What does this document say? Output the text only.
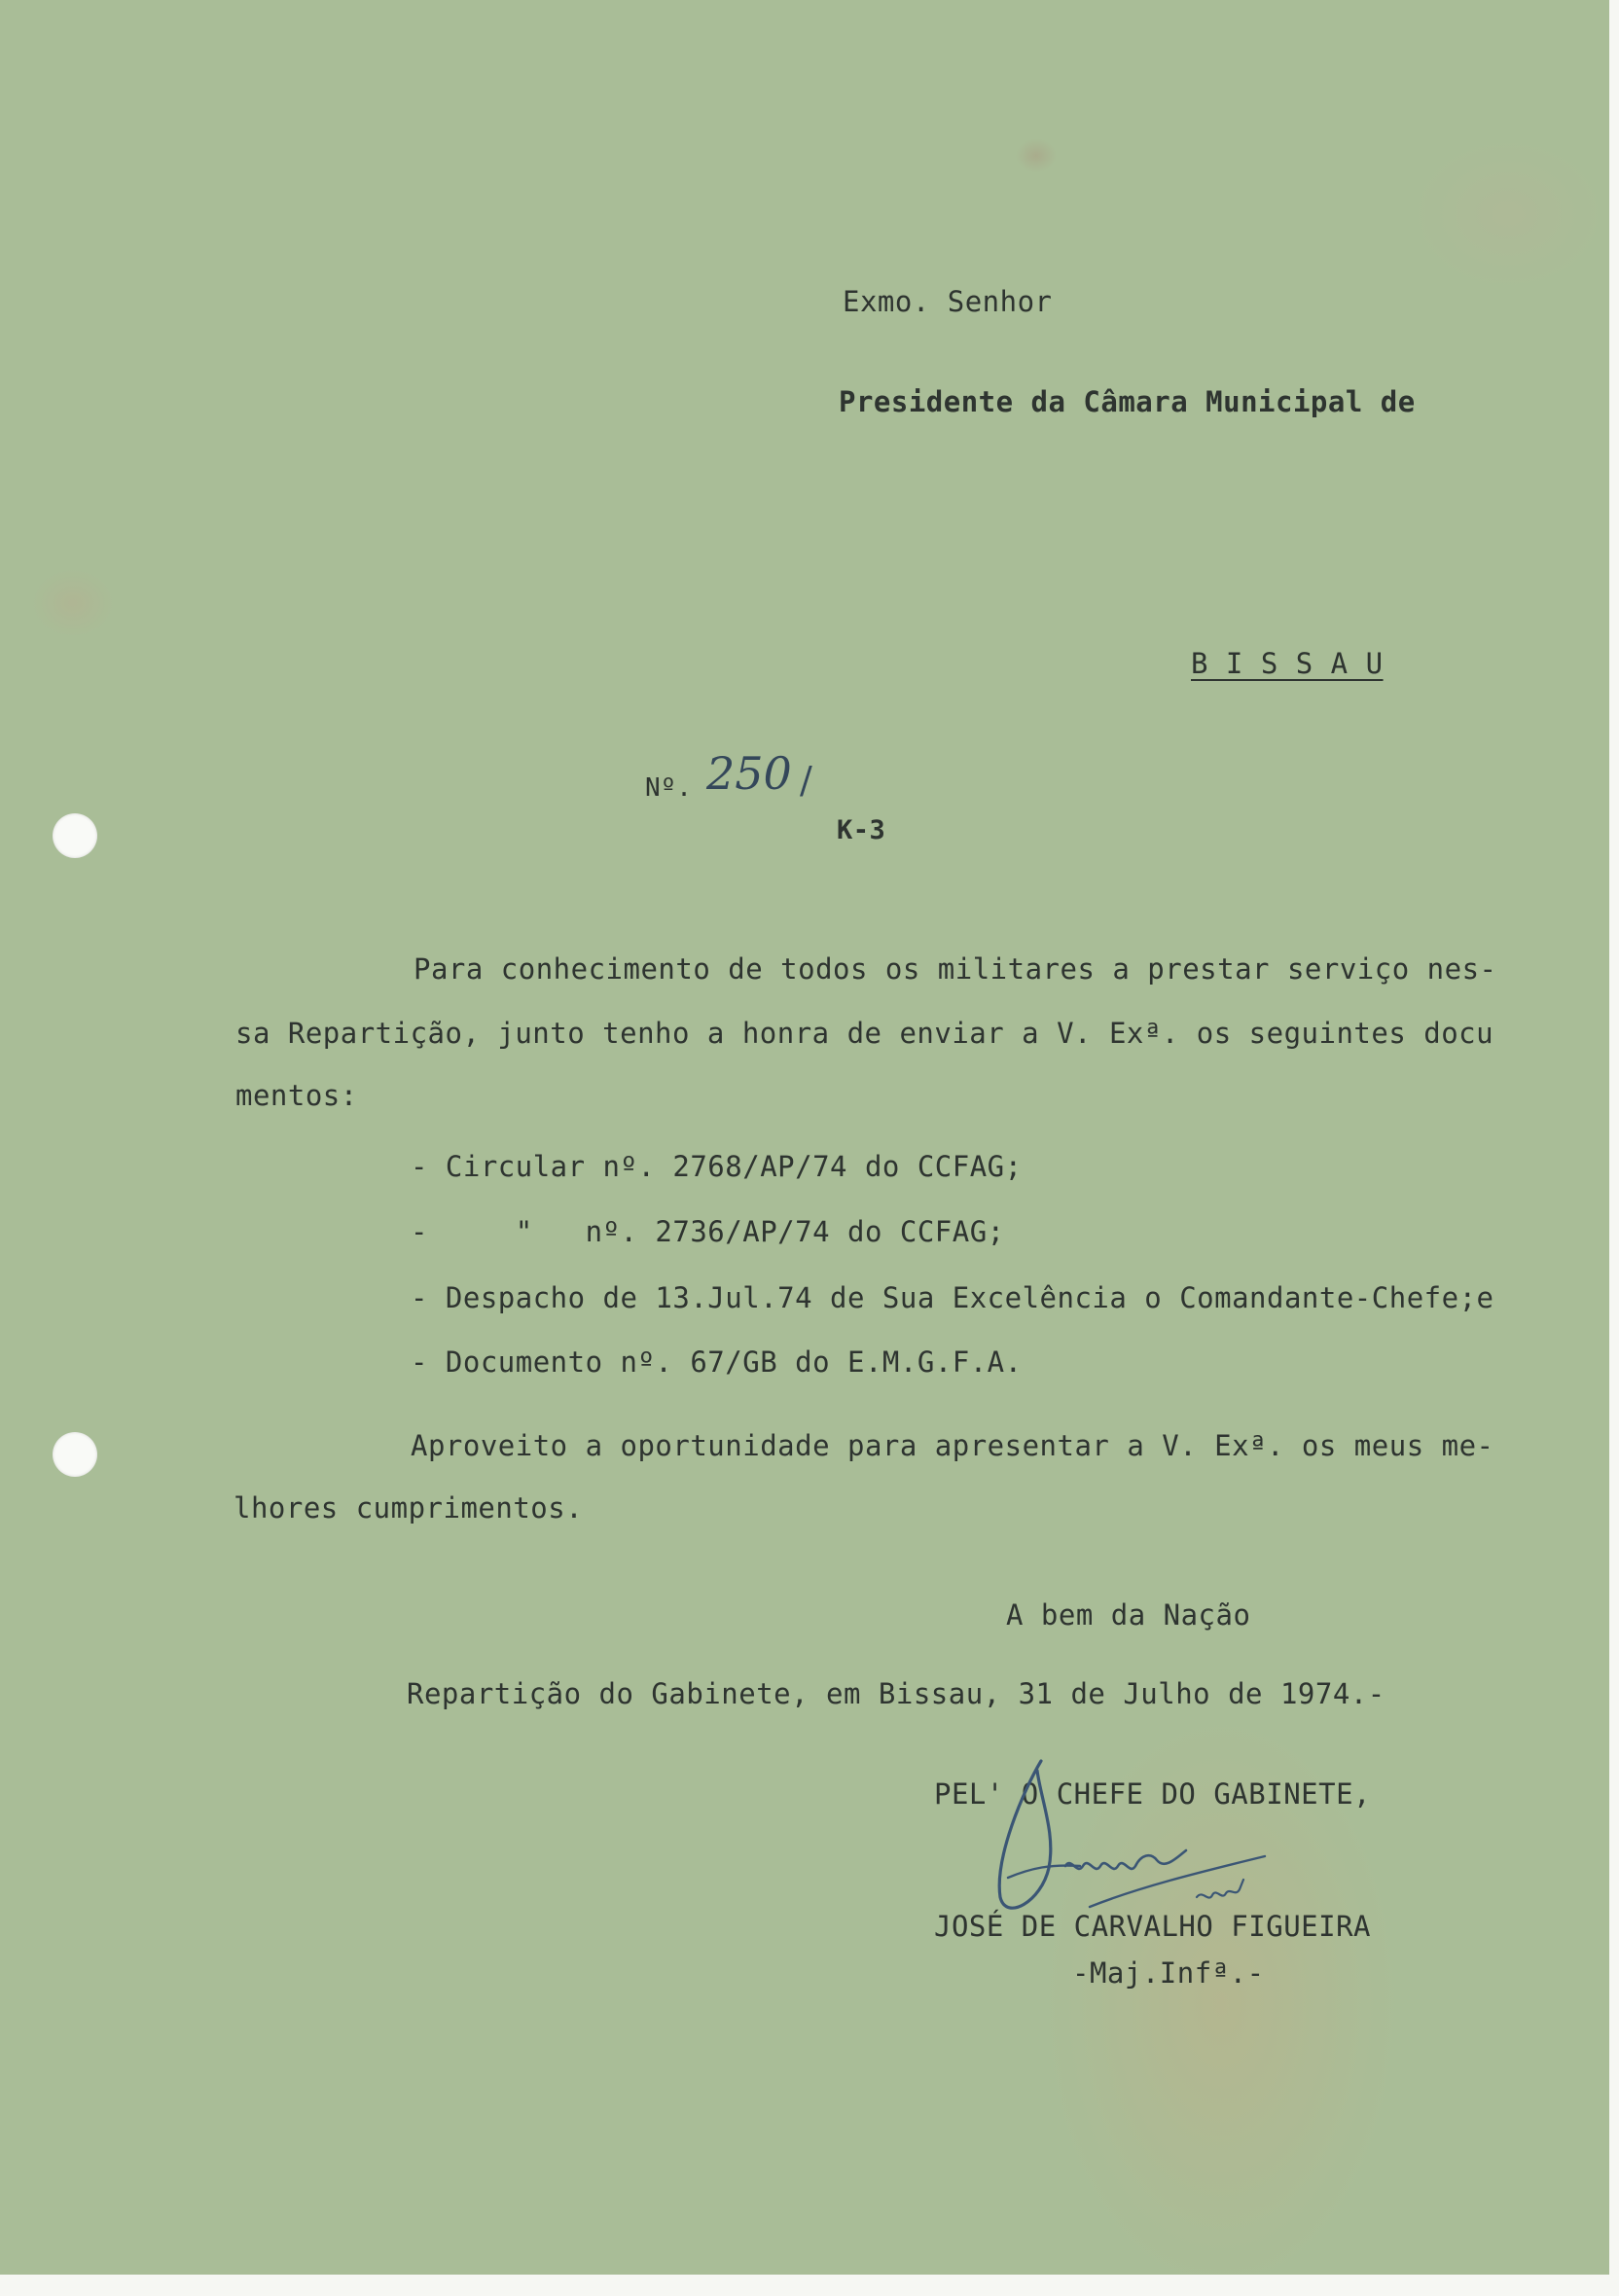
Exmo. Senhor
Presidente da Câmara Municipal de
B I S S A U
Nº. 250 /
K-3
Para conhecimento de todos os militares a prestar serviço nes-
sa Repartição, junto tenho a honra de enviar a V. Exª. os seguintes docu
mentos:
- Circular nº. 2768/AP/74 do CCFAG;
-     "   nº. 2736/AP/74 do CCFAG;
- Despacho de 13.Jul.74 de Sua Excelência o Comandante-Chefe;e
- Documento nº. 67/GB do E.M.G.F.A.
Aproveito a oportunidade para apresentar a V. Exª. os meus me-
lhores cumprimentos.
A bem da Nação
Repartição do Gabinete, em Bissau, 31 de Julho de 1974.-
PEL' O CHEFE DO GABINETE,
JOSÉ DE CARVALHO FIGUEIRA
-Maj.Infª.-
